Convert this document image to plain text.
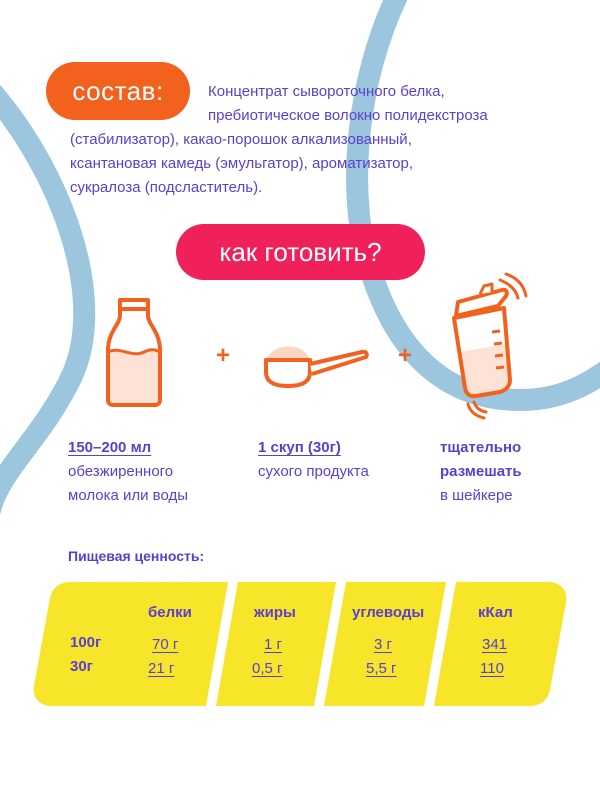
состав:	Концентрат сывороточного белка,
пребиотическое волокно полидекстроза
(стабилизатор), какао-порошок алкализованный,
ксантановая камедь (эмульгатор), ароматизатор,
сукралоза (подсластитель).
как готовить?
+	+
150–200 мл
обезжиренного
молока или воды
1 скуп (30г)
сухого продукта
тщательно
размешать
в шейкере
Пищевая ценность:
100г
30г
белки
70 г
21 г
жиры
1 г
0,5 г
углеводы
3 г
5,5 г
кКал
341
110
